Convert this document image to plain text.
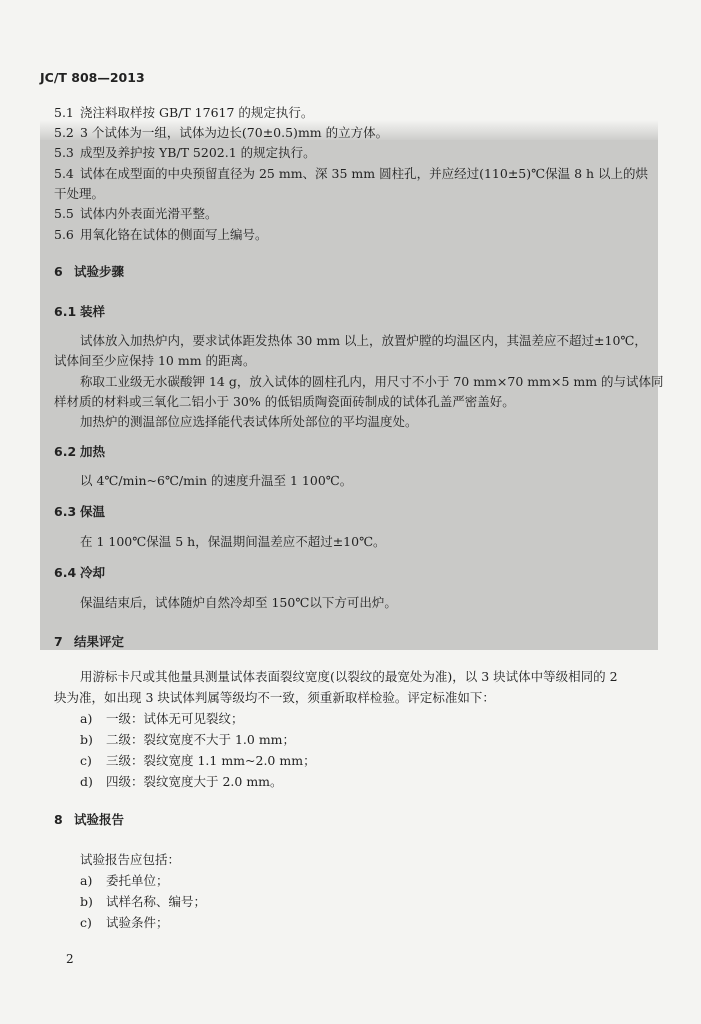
JC/T 808—2013
5.1 浇注料取样按 GB/T 17617 的规定执行。
5.2 3 个试体为一组，试体为边长(70±0.5)mm 的立方体。
5.3 成型及养护按 YB/T 5202.1 的规定执行。
5.4 试体在成型面的中央预留直径为 25 mm、深 35 mm 圆柱孔，并应经过(110±5)℃保温 8 h 以上的烘
干处理。
5.5 试体内外表面光滑平整。
5.6 用氧化铬在试体的侧面写上编号。
6 试验步骤
6.1 装样
试体放入加热炉内，要求试体距发热体 30 mm 以上，放置炉膛的均温区内，其温差应不超过±10℃，
试体间至少应保持 10 mm 的距离。
称取工业级无水碳酸钾 14 g，放入试体的圆柱孔内，用尺寸不小于 70 mm×70 mm×5 mm 的与试体同
样材质的材料或三氧化二铝小于 30% 的低铝质陶瓷面砖制成的试体孔盖严密盖好。
加热炉的测温部位应选择能代表试体所处部位的平均温度处。
6.2 加热
以 4℃/min~6℃/min 的速度升温至 1 100℃。
6.3 保温
在 1 100℃保温 5 h，保温期间温差应不超过±10℃。
6.4 冷却
保温结束后，试体随炉自然冷却至 150℃以下方可出炉。
7 结果评定
用游标卡尺或其他量具测量试体表面裂纹宽度(以裂纹的最宽处为准)，以 3 块试体中等级相同的 2
块为准，如出现 3 块试体判属等级均不一致，须重新取样检验。评定标准如下：
a) 一级：试体无可见裂纹；
b) 二级：裂纹宽度不大于 1.0 mm；
c) 三级：裂纹宽度 1.1 mm~2.0 mm；
d) 四级：裂纹宽度大于 2.0 mm。
8 试验报告
试验报告应包括：
a) 委托单位；
b) 试样名称、编号；
c) 试验条件；
2
